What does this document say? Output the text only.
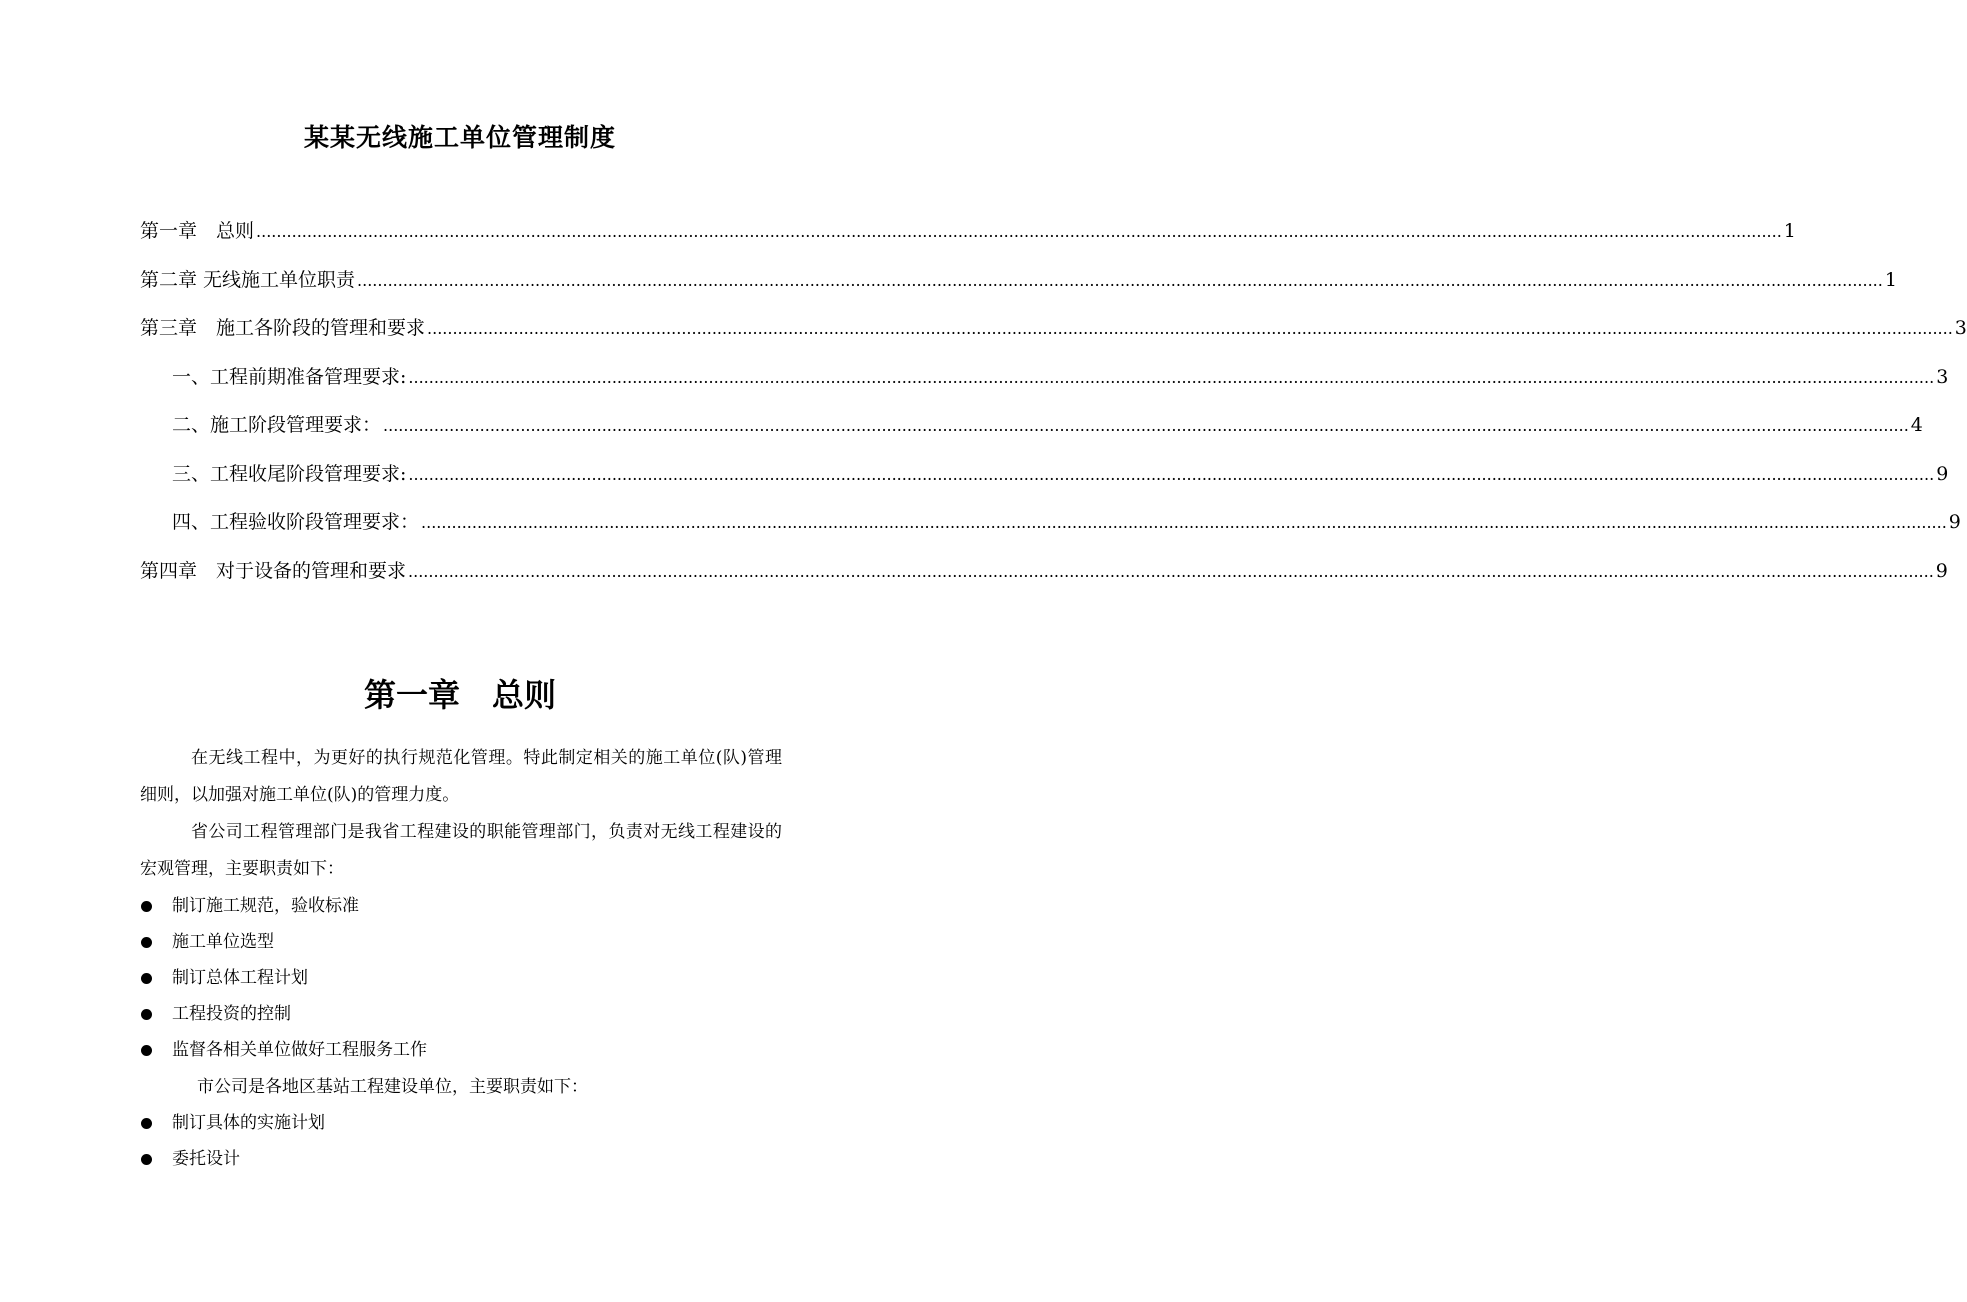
某某无线施工单位管理制度
第一章　总则 ............................................................................................................................................................................................................................................................................................................ 1
第二章 无线施工单位职责 ............................................................................................................................................................................................................................................................................................................ 1
第三章　施工各阶段的管理和要求 ............................................................................................................................................................................................................................................................................................................ 3
一、工程前期准备管理要求: ............................................................................................................................................................................................................................................................................................................ 3
二、施工阶段管理要求： ............................................................................................................................................................................................................................................................................................................ 4
三、工程收尾阶段管理要求: ............................................................................................................................................................................................................................................................................................................ 9
四、工程验收阶段管理要求： ............................................................................................................................................................................................................................................................................................................ 9
第四章　对于设备的管理和要求 ............................................................................................................................................................................................................................................................................................................ 9
第一章　总则

在无线工程中，为更好的执行规范化管理。特此制定相关的施工单位(队)管理细则，以加强对施工单位(队)的管理力度。

省公司工程管理部门是我省工程建设的职能管理部门，负责对无线工程建设的宏观管理，主要职责如下：

制订施工规范，验收标准
施工单位选型
制订总体工程计划
工程投资的控制
监督各相关单位做好工程服务工作

市公司是各地区基站工程建设单位，主要职责如下：

制订具体的实施计划
委托设计
